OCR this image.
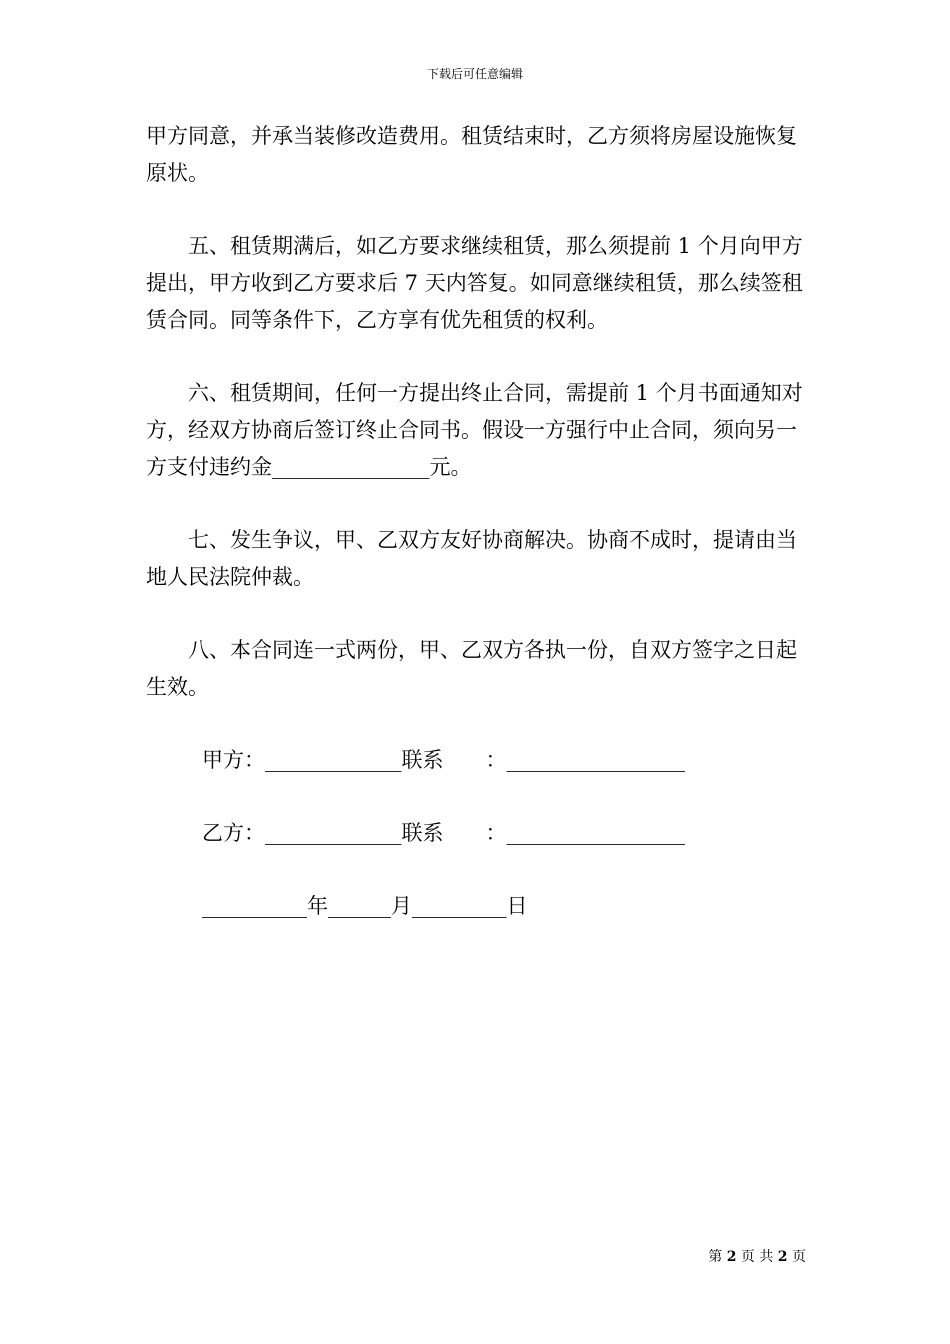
下载后可任意编辑

甲方同意，并承当装修改造费用。租赁结束时，乙方须将房屋设施恢复原状。

五、租赁期满后，如乙方要求继续租赁，那么须提前 1 个月向甲方提出，甲方收到乙方要求后 7 天内答复。如同意继续租赁，那么续签租赁合同。同等条件下，乙方享有优先租赁的权利。

六、租赁期间，任何一方提出终止合同，需提前 1 个月书面通知对方，经双方协商后签订终止合同书。假设一方强行中止合同，须向另一方支付违约金_______________元。

七、发生争议，甲、乙双方友好协商解决。协商不成时，提请由当地人民法院仲裁。

八、本合同连一式两份，甲、乙双方各执一份，自双方签字之日起生效。

甲方：_____________联系　　：_________________

乙方：_____________联系　　：_________________

__________年______月_________日

第 2 页 共 2 页
